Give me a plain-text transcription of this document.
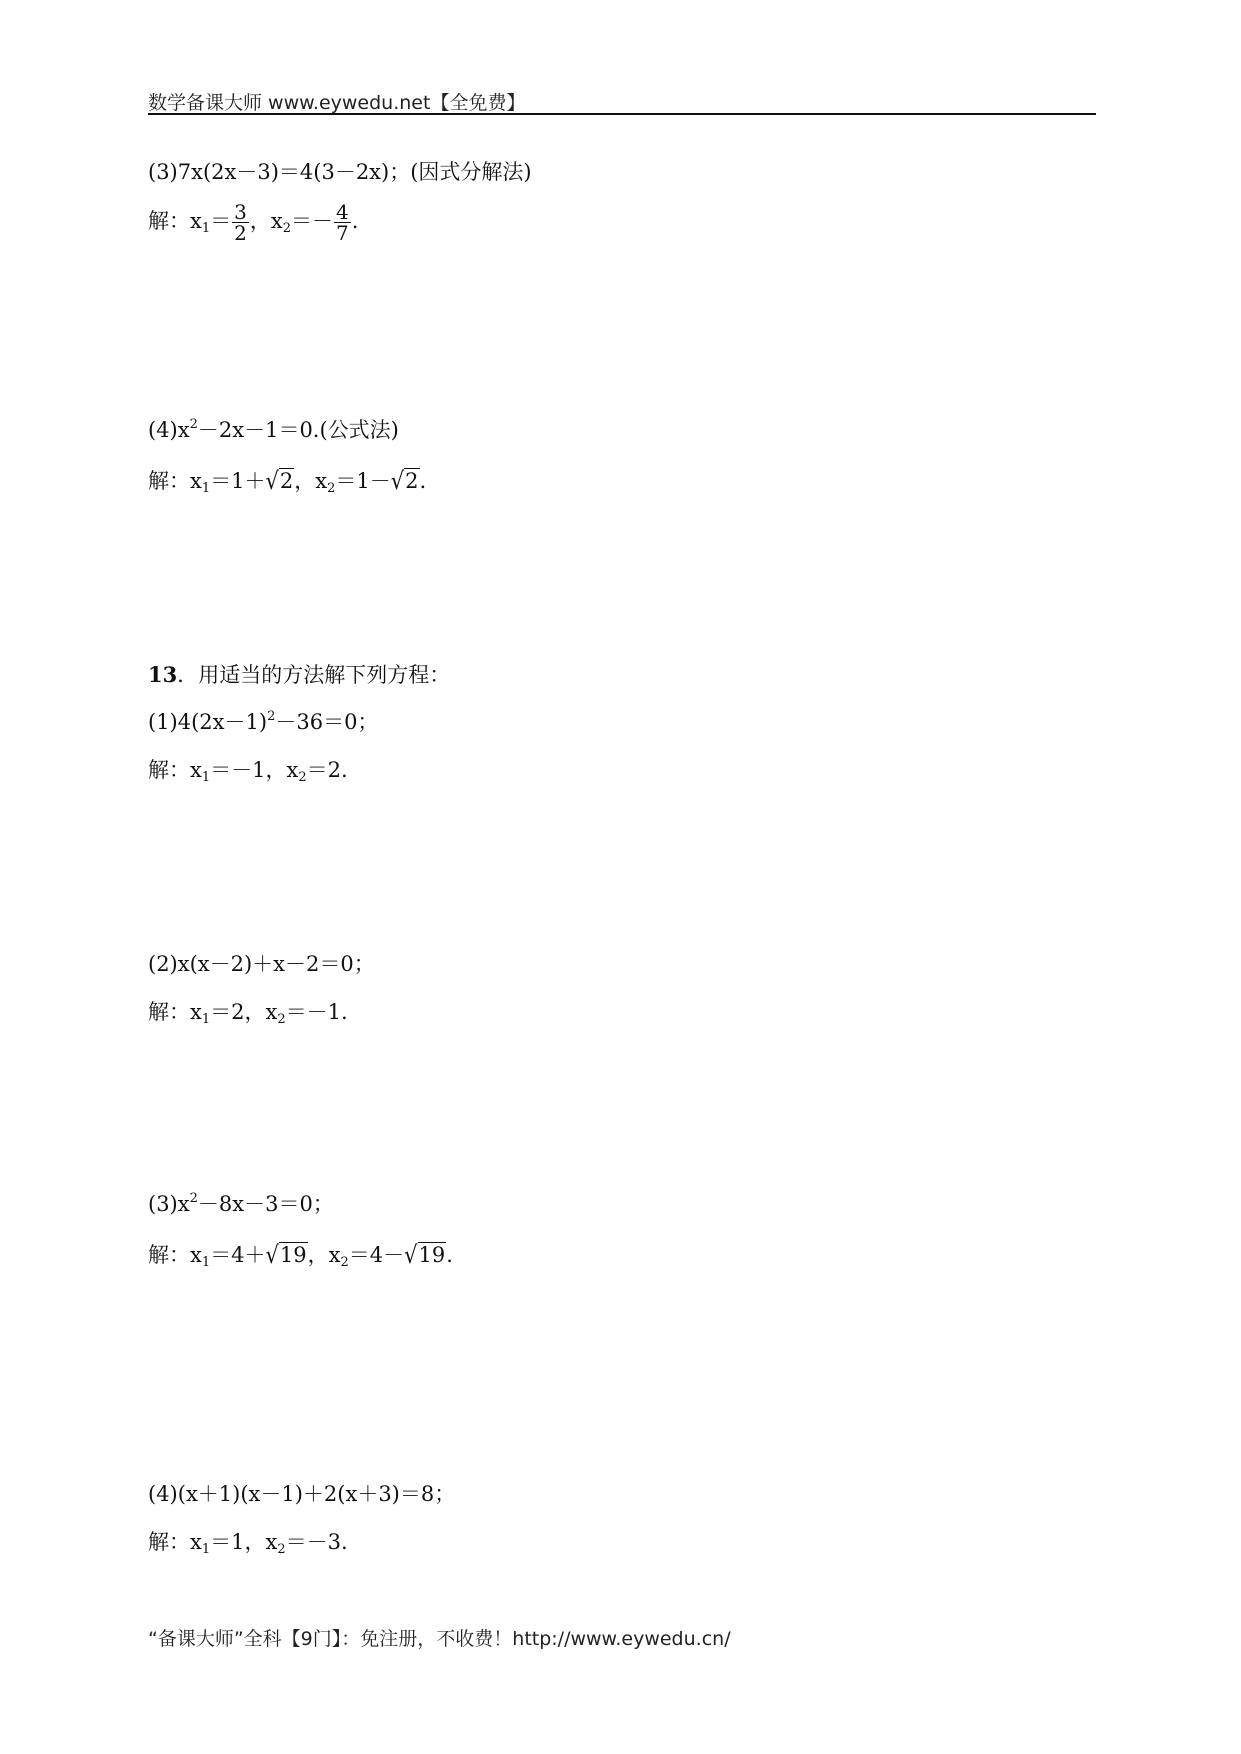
数学备课大师 www.eywedu.net【全免费】
(3)7x(2x－3)＝4(3－2x)；(因式分解法)
解：$x_1= \frac{3}{2}$ ，$x_2=- \frac{4}{7}$ .
$(4)x^2-2x-1=0$.(公式法)
解：$x_1=1+√2$，$x_2=1-√2$.
13．用适当的方法解下列方程：
$(1)4(2x-1)^2-36=0$；
解：$x_1=-1$，$x_2=2$.
(2)x(x－2)＋x－2＝0；
解：$x_1=2$，$x_2=-1$.
$(3)x^2-8x-3=0$；
解：$x_1=4+√19$，$x_2=4-√19$.
(4)(x＋1)(x－1)＋2(x＋3)＝8；
解：$x_1=1$，$x_2=-3$.
“备课大师”全科【9门】：免注册，不收费！http://www.eywedu.cn/
